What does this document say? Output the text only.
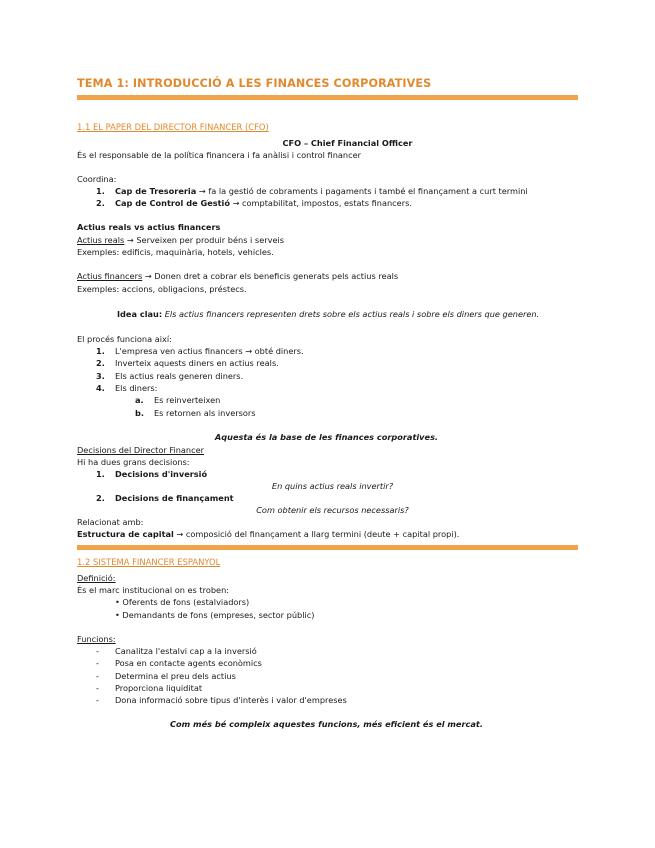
TEMA 1: INTRODUCCIÓ A LES FINANCES CORPORATIVES
1.1 EL PAPER DEL DIRECTOR FINANCER (CFO)
CFO – Chief Financial Officer
És el responsable de la política financera i fa anàlisi i control financer
Coordina:
1. Cap de Tresoreria → fa la gestió de cobraments i pagaments i també el finançament a curt termini
2. Cap de Control de Gestió → comptabilitat, impostos, estats financers.
Actius reals vs actius financers
Actius reals → Serveixen per produir béns i serveis
Exemples: edificis, maquinària, hotels, vehicles.
Actius financers → Donen dret a cobrar els beneficis generats pels actius reals
Exemples: accions, obligacions, préstecs.
Idea clau: Els actius financers representen drets sobre els actius reals i sobre els diners que generen.
El procés funciona així:
1. L'empresa ven actius financers → obté diners.
2. Inverteix aquests diners en actius reals.
3. Els actius reals generen diners.
4. Els diners:
a. Es reinverteixen
b. Es retornen als inversors
Aquesta és la base de les finances corporatives.
Decisions del Director Financer
Hi ha dues grans decisions:
1. Decisions d'inversió
En quins actius reals invertir?
2. Decisions de finançament
Com obtenir els recursos necessaris?
Relacionat amb:
Estructura de capital → composició del finançament a llarg termini (deute + capital propi).
1.2 SISTEMA FINANCER ESPANYOL
Definició:
És el marc institucional on es troben:
• Oferents de fons (estalviadors)
• Demandants de fons (empreses, sector públic)
Funcions:
- Canalitza l'estalvi cap a la inversió
- Posa en contacte agents econòmics
- Determina el preu dels actius
- Proporciona liquiditat
- Dona informació sobre tipus d'interès i valor d'empreses
Com més bé compleix aquestes funcions, més eficient és el mercat.
